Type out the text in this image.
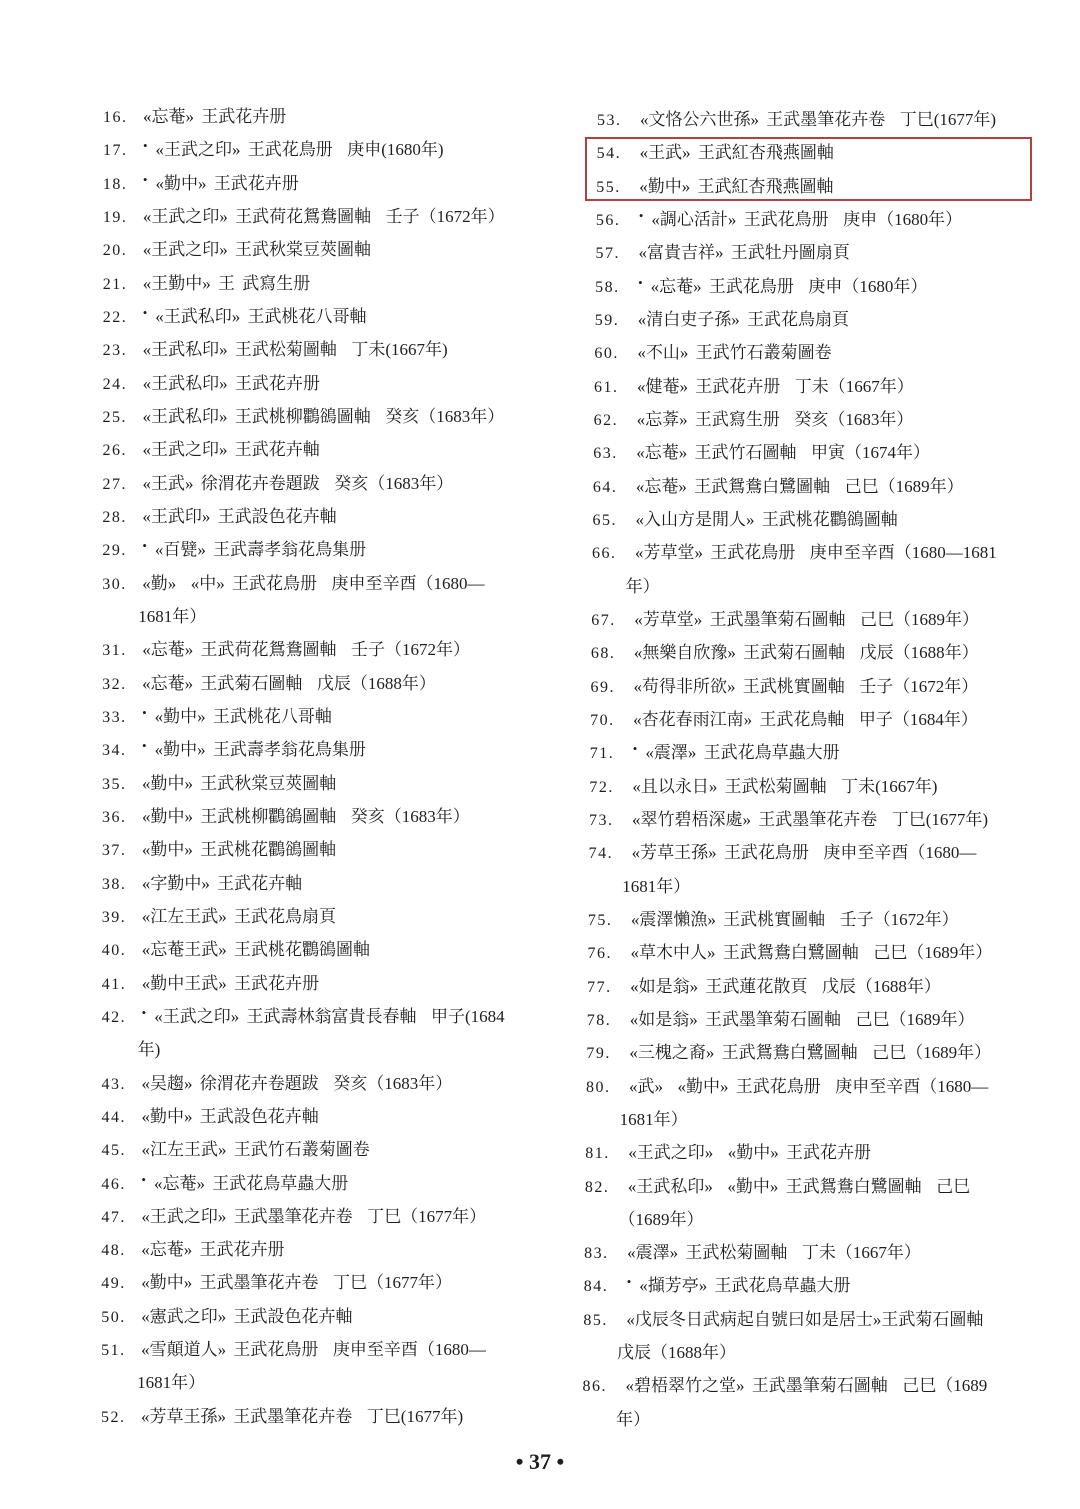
16. «忘菴» 王武花卉册
17. • «王武之印» 王武花鳥册  庚申(1680年)
18. • «勤中» 王武花卉册
19. «王武之印» 王武荷花鴛鴦圖軸  壬子（1672年）
20. «王武之印» 王武秋棠豆莢圖軸
21. «王勤中» 王 武寫生册
22. • «王武私印» 王武桃花八哥軸
23. «王武私印» 王武松菊圖軸  丁未(1667年)
24. «王武私印» 王武花卉册
25. «王武私印» 王武桃柳鸜鵒圖軸  癸亥（1683年）
26. «王武之印» 王武花卉軸
27. «王武» 徐渭花卉卷題跋  癸亥（1683年）
28. «王武印» 王武設色花卉軸
29. • «百甓» 王武壽孝翁花鳥集册
30. «勤»  «中» 王武花鳥册  庚申至辛酉（1680—
1681年）
31. «忘菴» 王武荷花鴛鴦圖軸  壬子（1672年）
32. «忘菴» 王武菊石圖軸  戊辰（1688年）
33. • «勤中» 王武桃花八哥軸
34. • «勤中» 王武壽孝翁花鳥集册
35. «勤中» 王武秋棠豆莢圖軸
36. «勤中» 王武桃柳鸜鵒圖軸  癸亥（1683年）
37. «勤中» 王武桃花鸜鵒圖軸
38. «字勤中» 王武花卉軸
39. «江左王武» 王武花鳥扇頁
40. «忘菴王武» 王武桃花鸜鵒圖軸
41. «勤中王武» 王武花卉册
42. • «王武之印» 王武壽林翁富貴長春軸  甲子(1684
年)
43. «吴趨» 徐渭花卉卷題跋  癸亥（1683年）
44. «勤中» 王武設色花卉軸
45. «江左王武» 王武竹石叢菊圖卷
46. • «忘菴» 王武花鳥草蟲大册
47. «王武之印» 王武墨筆花卉卷  丁巳（1677年）
48. «忘菴» 王武花卉册
49. «勤中» 王武墨筆花卉卷  丁巳（1677年）
50. «憲武之印» 王武設色花卉軸
51. «雪顛道人» 王武花鳥册  庚申至辛酉（1680—
1681年）
52. «芳草王孫» 王武墨筆花卉卷  丁巳(1677年)
53. «文恪公六世孫» 王武墨筆花卉卷  丁巳(1677年)
54. «王武» 王武紅杏飛燕圖軸
55. «勤中» 王武紅杏飛燕圖軸
56. • «調心活計» 王武花鳥册  庚申（1680年）
57. «富貴吉祥» 王武牡丹圖扇頁
58. • «忘菴» 王武花鳥册  庚申（1680年）
59. «清白吏子孫» 王武花鳥扇頁
60. «不山» 王武竹石叢菊圖卷
61. «健菴» 王武花卉册  丁未（1667年）
62. «忘葊» 王武寫生册  癸亥（1683年）
63. «忘菴» 王武竹石圖軸  甲寅（1674年）
64. «忘菴» 王武鴛鴦白鷺圖軸  己巳（1689年）
65. «入山方是閒人» 王武桃花鸜鵒圖軸
66. «芳草堂» 王武花鳥册  庚申至辛酉（1680—1681
年）
67. «芳草堂» 王武墨筆菊石圖軸  己巳（1689年）
68. «無樂自欣豫» 王武菊石圖軸  戊辰（1688年）
69. «苟得非所欲» 王武桃實圖軸  壬子（1672年）
70. «杏花春雨江南» 王武花鳥軸  甲子（1684年）
71. • «震澤» 王武花鳥草蟲大册
72. «且以永日» 王武松菊圖軸  丁未(1667年)
73. «翠竹碧梧深處» 王武墨筆花卉卷  丁巳(1677年)
74. «芳草王孫» 王武花鳥册  庚申至辛酉（1680—
1681年）
75. «震澤懶漁» 王武桃實圖軸  壬子（1672年）
76. «草木中人» 王武鴛鴦白鷺圖軸  己巳（1689年）
77. «如是翁» 王武蓮花散頁  戊辰（1688年）
78. «如是翁» 王武墨筆菊石圖軸  己巳（1689年）
79. «三槐之裔» 王武鴛鴦白鷺圖軸  己巳（1689年）
80. «武»  «勤中» 王武花鳥册  庚申至辛酉（1680—
1681年）
81. «王武之印»  «勤中» 王武花卉册
82. «王武私印»  «勤中» 王武鴛鴦白鷺圖軸  己巳
（1689年）
83. «震澤» 王武松菊圖軸  丁未（1667年）
84. • «擷芳亭» 王武花鳥草蟲大册
85. «戊辰冬日武病起自號曰如是居士»王武菊石圖軸
戊辰（1688年）
86. «碧梧翠竹之堂» 王武墨筆菊石圖軸  己巳（1689
年）
• 37 •
